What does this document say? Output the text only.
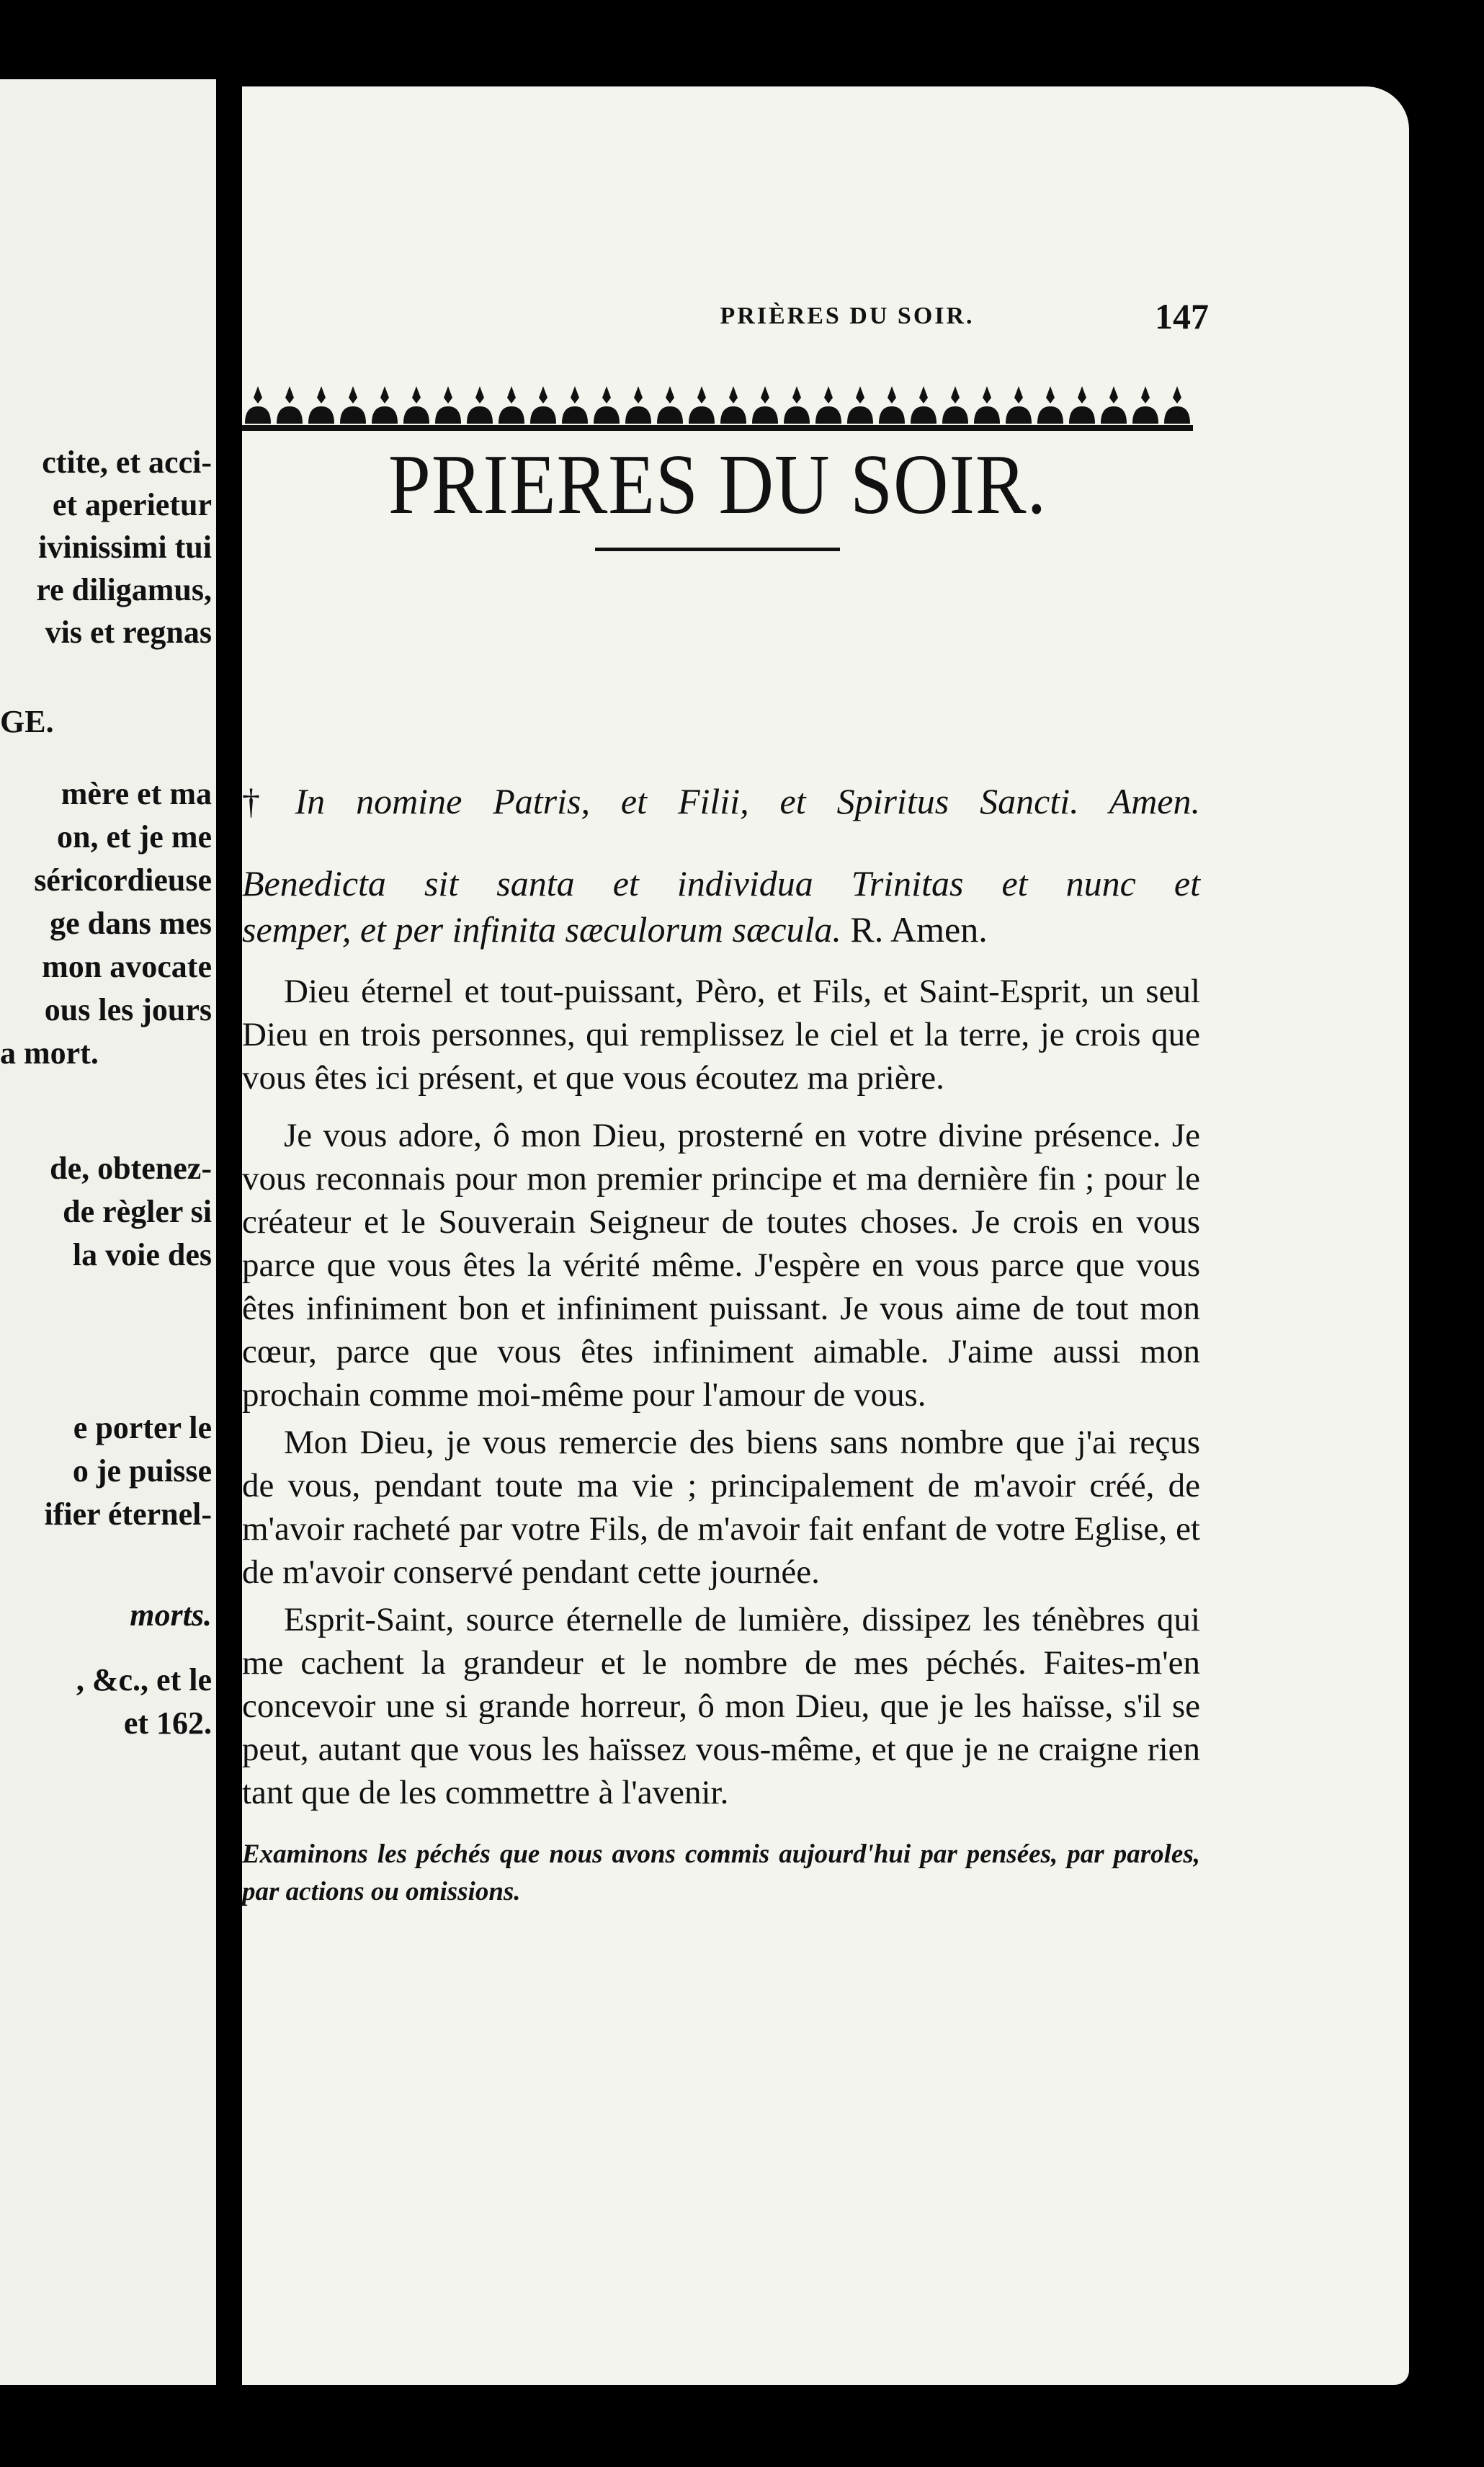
ctite, et acci-
et aperietur
ivinissimi tui
re diligamus,
vis et regnas
GE.
mère et ma
on, et je me
séricordieuse
ge dans mes
mon avocate
ous les jours
a mort.
de, obtenez-
de règler si
la voie des
e porter le
o je puisse
ifier éternel-
morts.
, &c., et le
et 162.
PRIÈRES DU SOIR.	147
PRIERES DU SOIR.

† In nomine Patris, et Filii, et Spiritus Sancti. Amen.

Benedicta sit santa et individua Trinitas et nunc et

semper, et per infinita sæculorum sæcula. R. Amen.

Dieu éternel et tout-puissant, Pèro, et Fils, et Saint-Esprit, un seul Dieu en trois personnes, qui remplissez le ciel et la terre, je crois que vous êtes ici présent, et que vous écoutez ma prière.

Je vous adore, ô mon Dieu, prosterné en votre divine présence. Je vous reconnais pour mon premier principe et ma dernière fin ; pour le créateur et le Souverain Seigneur de toutes choses. Je crois en vous parce que vous êtes la vérité même. J'espère en vous parce que vous êtes infiniment bon et infiniment puissant. Je vous aime de tout mon cœur, parce que vous êtes infiniment aimable. J'aime aussi mon prochain comme moi-même pour l'amour de vous.

Mon Dieu, je vous remercie des biens sans nombre que j'ai reçus de vous, pendant toute ma vie ; principalement de m'avoir créé, de m'avoir racheté par votre Fils, de m'avoir fait enfant de votre Eglise, et de m'avoir conservé pendant cette journée.

Esprit-Saint, source éternelle de lumière, dissipez les ténèbres qui me cachent la grandeur et le nombre de mes péchés. Faites-m'en concevoir une si grande horreur, ô mon Dieu, que je les haïsse, s'il se peut, autant que vous les haïssez vous-même, et que je ne craigne rien tant que de les commettre à l'avenir.

Examinons les péchés que nous avons commis aujourd'hui par pensées, par paroles, par actions ou omissions.
